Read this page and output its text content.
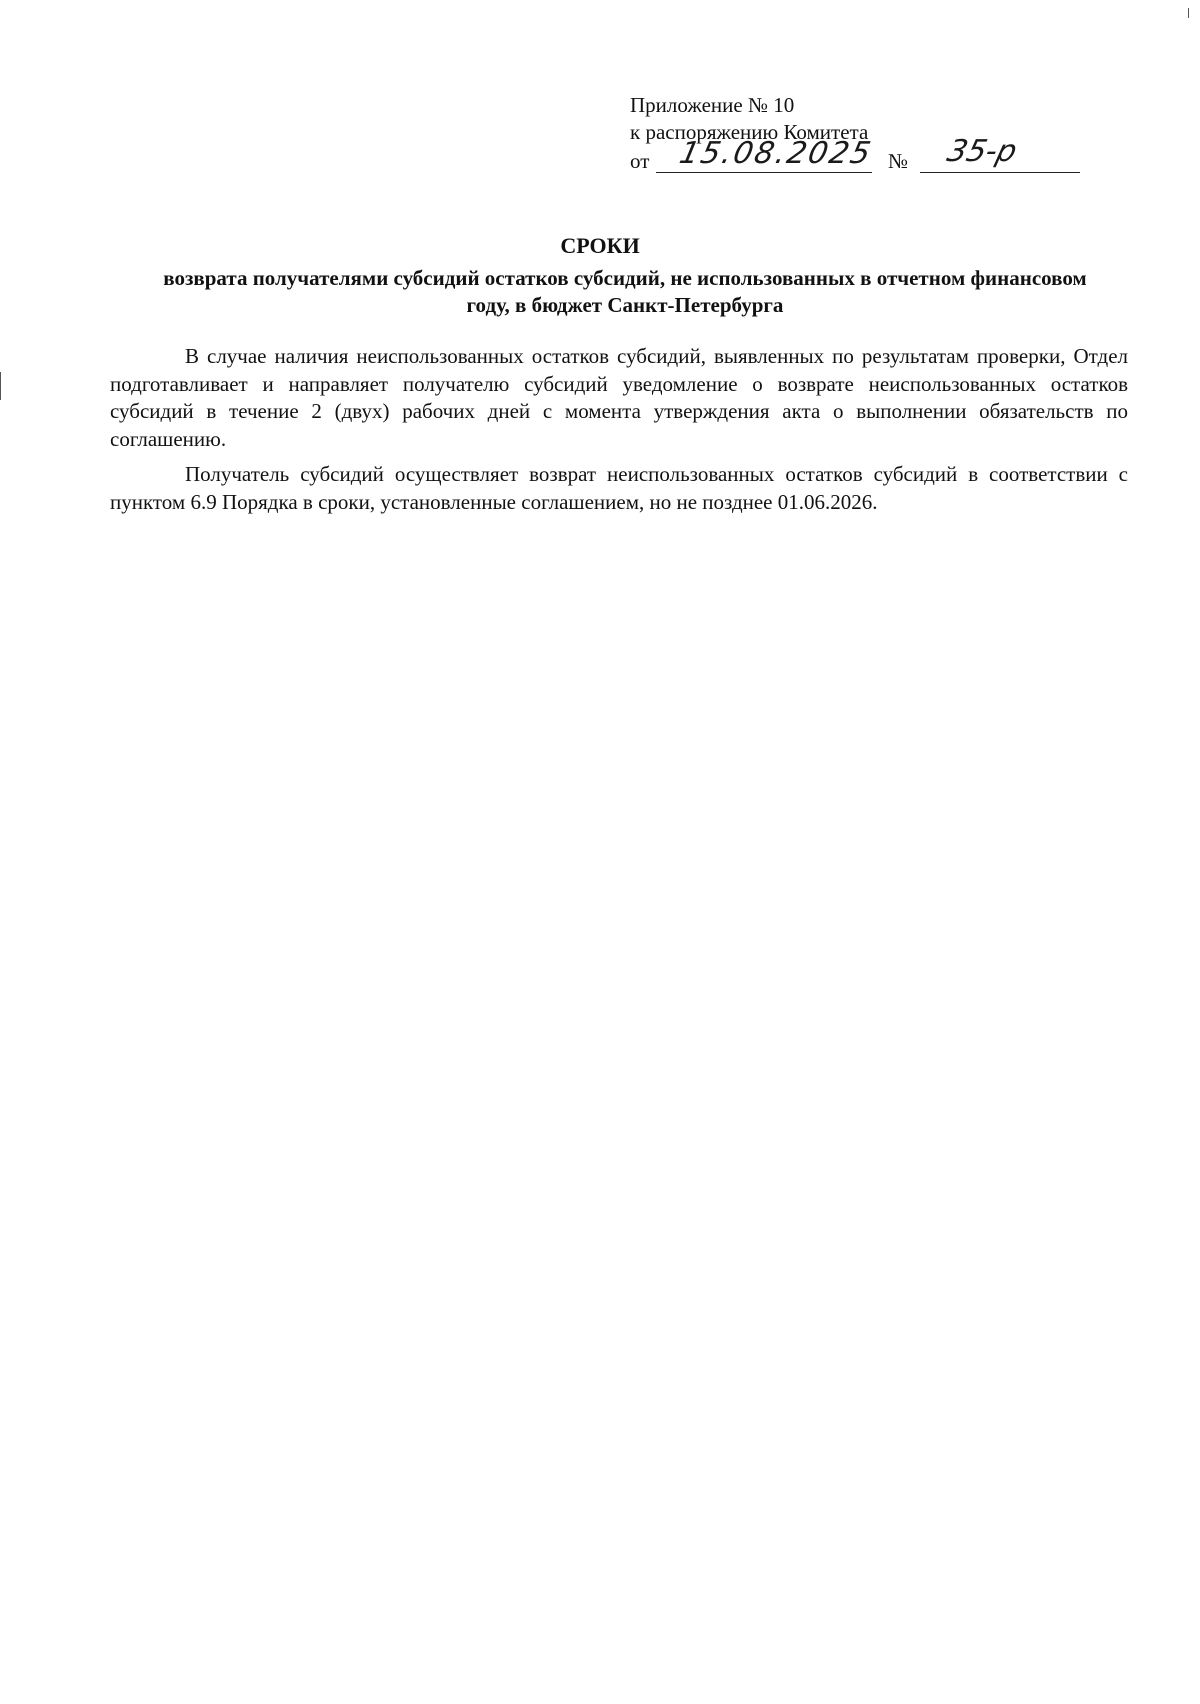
Приложение № 10
к распоряжению Комитета
от 15.08.2025 № 35-р
СРОКИ
возврата получателями субсидий остатков субсидий, не использованных в отчетном финансовом году, в бюджет Санкт-Петербурга

В случае наличия неиспользованных остатков субсидий, выявленных по результатам проверки, Отдел подготавливает и направляет получателю субсидий уведомление о возврате неиспользованных остатков субсидий в течение 2 (двух) рабочих дней с момента утверждения акта о выполнении обязательств по соглашению.

Получатель субсидий осуществляет возврат неиспользованных остатков субсидий в соответствии с пунктом 6.9 Порядка в сроки, установленные соглашением, но не позднее 01.06.2026.
